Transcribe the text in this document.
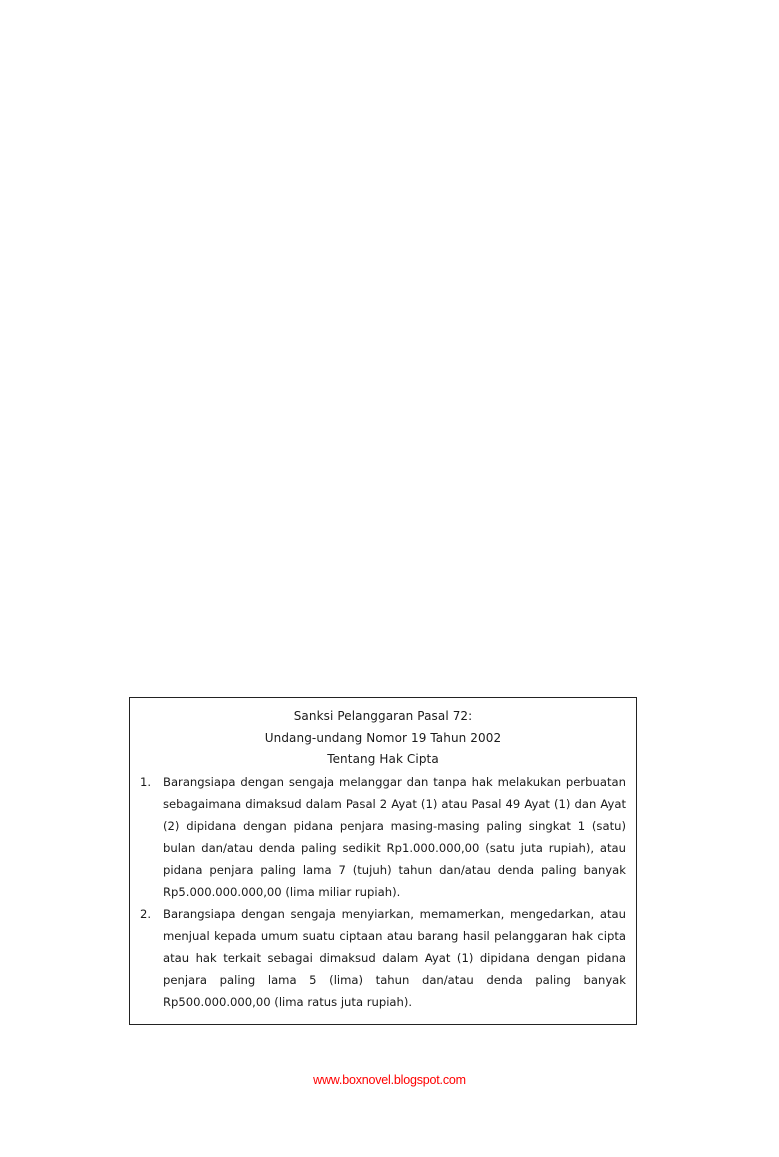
Sanksi Pelanggaran Pasal 72:
Undang-undang Nomor 19 Tahun 2002
Tentang Hak Cipta
1. Barangsiapa dengan sengaja melanggar dan tanpa hak melakukan perbuatan sebagaimana dimaksud dalam Pasal 2 Ayat (1) atau Pasal 49 Ayat (1) dan Ayat (2) dipidana dengan pidana penjara masing-masing paling singkat 1 (satu) bulan dan/atau denda paling sedikit Rp1.000.000,00 (satu juta rupiah), atau pidana penjara paling lama 7 (tujuh) tahun dan/atau denda paling banyak Rp5.000.000.000,00 (lima miliar rupiah).
2. Barangsiapa dengan sengaja menyiarkan, memamerkan, mengedarkan, atau menjual kepada umum suatu ciptaan atau barang hasil pelanggaran hak cipta atau hak terkait sebagai dimaksud dalam Ayat (1) dipidana dengan pidana penjara paling lama 5 (lima) tahun dan/atau denda paling banyak Rp500.000.000,00 (lima ratus juta rupiah).
www.boxnovel.blogspot.com
